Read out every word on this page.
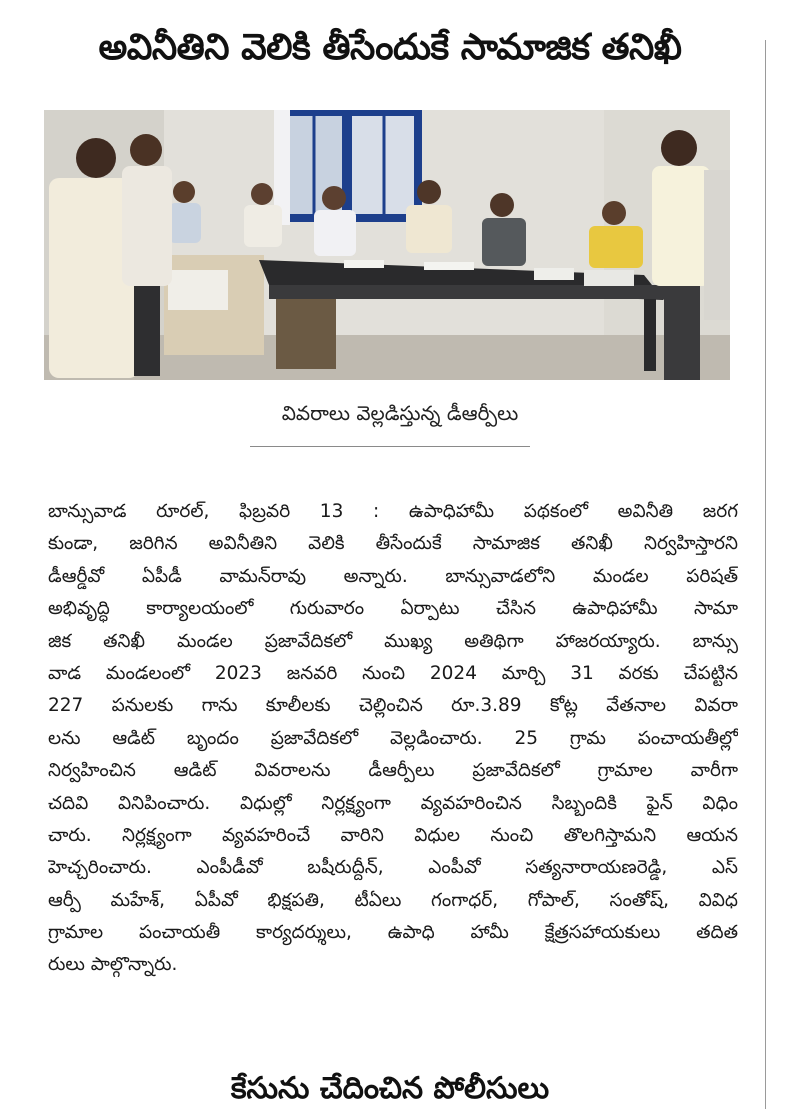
అవినీతిని వెలికి తీసేందుకే సామాజిక తనిఖీ
వివరాలు వెల్లడిస్తున్న డీఆర్పీలు
బాన్సువాడ రూరల్, ఫిబ్రవరి 13 : ఉపాధిహామీ పథకంలో అవినీతి జరగ
కుండా, జరిగిన అవినీతిని వెలికి తీసేందుకే సామాజిక తనిఖీ నిర్వహిస్తారని
డీఆర్డీవో ఏపీడీ వామన్‌రావు అన్నారు. బాన్సువాడలోని మండల పరిషత్
అభివృద్ధి కార్యాలయంలో గురువారం ఏర్పాటు చేసిన ఉపాధిహామీ సామా
జిక తనిఖీ మండల ప్రజావేదికలో ముఖ్య అతిథిగా హాజరయ్యారు. బాన్సు
వాడ మండలంలో 2023 జనవరి నుంచి 2024 మార్చి 31 వరకు చేపట్టిన
227 పనులకు గాను కూలీలకు చెల్లించిన రూ.3.89 కోట్ల వేతనాల వివరా
లను ఆడిట్ బృందం ప్రజావేదికలో వెల్లడించారు. 25 గ్రామ పంచాయతీల్లో
నిర్వహించిన ఆడిట్ వివరాలను డీఆర్పీలు ప్రజావేదికలో గ్రామాల వారీగా
చదివి వినిపించారు. విధుల్లో నిర్లక్ష్యంగా వ్యవహరించిన సిబ్బందికి ఫైన్ విధిం
చారు. నిర్లక్ష్యంగా వ్యవహరించే వారిని విధుల నుంచి తొలగిస్తామని ఆయన
హెచ్చరించారు. ఎంపీడీవో బషీరుద్దీన్, ఎంపీవో సత్యనారాయణరెడ్డి, ఎస్
ఆర్పీ మహేశ్, ఏపీవో భిక్షపతి, టీఏలు గంగాధర్, గోపాల్, సంతోష్, వివిధ
గ్రామాల పంచాయతీ కార్యదర్శులు, ఉపాధి హామీ క్షేత్రసహాయకులు తదిత
రులు పాల్గొన్నారు.
కేసును చేదించిన పోలీసులు
